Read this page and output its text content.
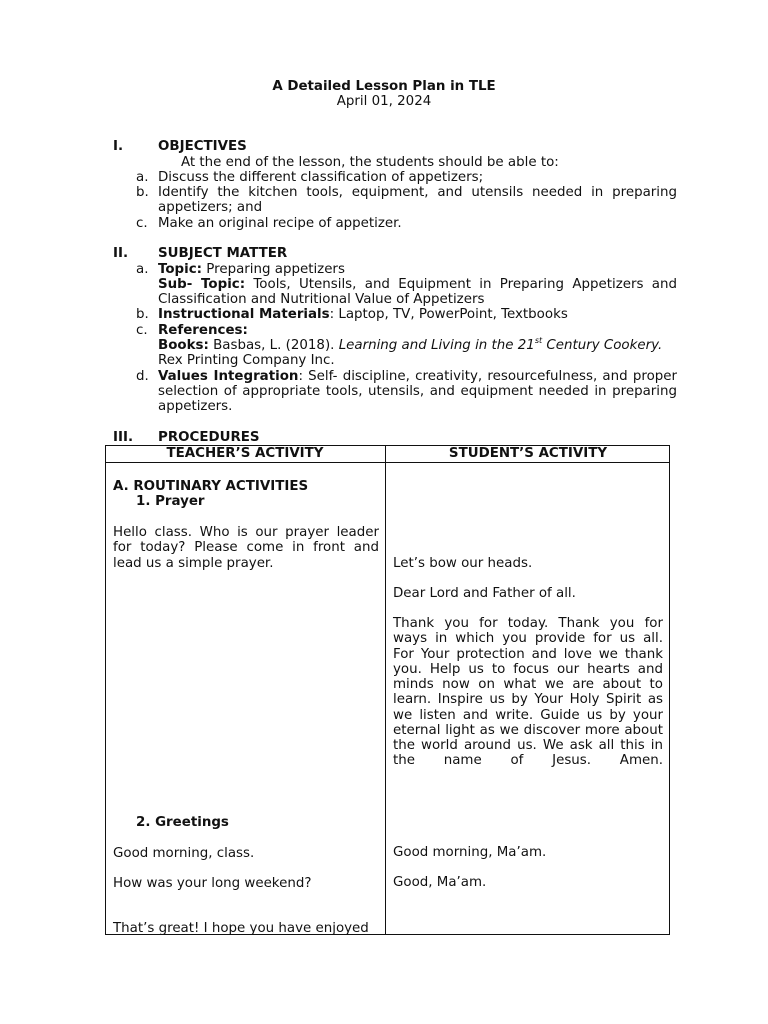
A Detailed Lesson Plan in TLE
April 01, 2024
I.	OBJECTIVES
At the end of the lesson, the students should be able to:
a. Discuss the different classification of appetizers;
b. Identify the kitchen tools, equipment, and utensils needed in preparing
appetizers; and
c. Make an original recipe of appetizer.
II. SUBJECT MATTER
a. Topic: Preparing appetizers
Sub- Topic: Tools, Utensils, and Equipment in Preparing Appetizers and
Classification and Nutritional Value of Appetizers
b. Instructional Materials: Laptop, TV, PowerPoint, Textbooks
c. References:
Books: Basbas, L. (2018). Learning and Living in the 21st Century Cookery.
Rex Printing Company Inc.
d. Values Integration: Self- discipline, creativity, resourcefulness, and proper
selection of appropriate tools, utensils, and equipment needed in preparing
appetizers.
III. PROCEDURES
TEACHER’S ACTIVITY	STUDENT’S ACTIVITY
A. ROUTINARY ACTIVITIES
1. Prayer
Hello class. Who is our prayer leader
for today? Please come in front and
lead us a simple prayer.
2. Greetings
Good morning, class.
How was your long weekend?
That’s great! I hope you have enjoyed
Let’s bow our heads.
Dear Lord and Father of all.
Thank you for today. Thank you for
ways in which you provide for us all.
For Your protection and love we thank
you. Help us to focus our hearts and
minds now on what we are about to
learn. Inspire us by Your Holy Spirit as
we listen and write. Guide us by your
eternal light as we discover more about
the world around us. We ask all this in
the name of Jesus. Amen.
Good morning, Ma’am.
Good, Ma’am.
